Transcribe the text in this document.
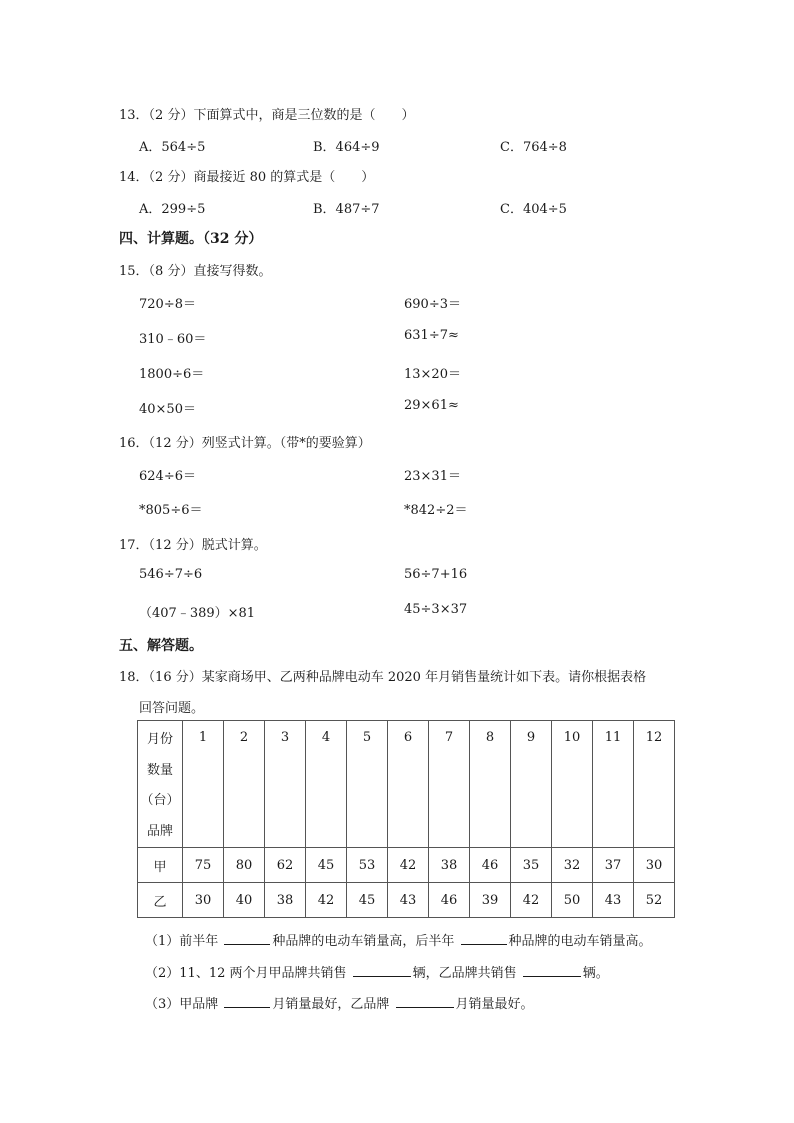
13．（2 分）下面算式中，商是三位数的是（　　）
A．564÷5	B．464÷9	C．764÷8
14．（2 分）商最接近 80 的算式是（　　）
A．299÷5	B．487÷7	C．404÷5
四、计算题。（32 分）
15．（8 分）直接写得数。
720÷8＝	690÷3＝
310﹣60＝	631÷7≈
1800÷6＝	13×20＝
40×50＝	29×61≈
16．（12 分）列竖式计算。（带*的要验算）
624÷6＝	23×31＝
*805÷6＝	*842÷2＝
17．（12 分）脱式计算。
546÷7÷6	56÷7+16
（407﹣389）×81	45÷3×37
五、解答题。
18．（16 分）某家商场甲、乙两种品牌电动车 2020 年月销售量统计如下表。请你根据表格
回答问题。
月份
数量
（台）
品牌	1	2	3	4	5	6	7	8	9	10	11	12
甲	75	80	62	45	53	42	38	46	35	32	37	30
乙	30	40	38	42	45	43	46	39	42	50	43	52
（1）前半年	种品牌的电动车销量高，后半年	种品牌的电动车销量高。
（2）11、12 两个月甲品牌共销售	辆，乙品牌共销售	辆。
（3）甲品牌	月销量最好，乙品牌	月销量最好。
